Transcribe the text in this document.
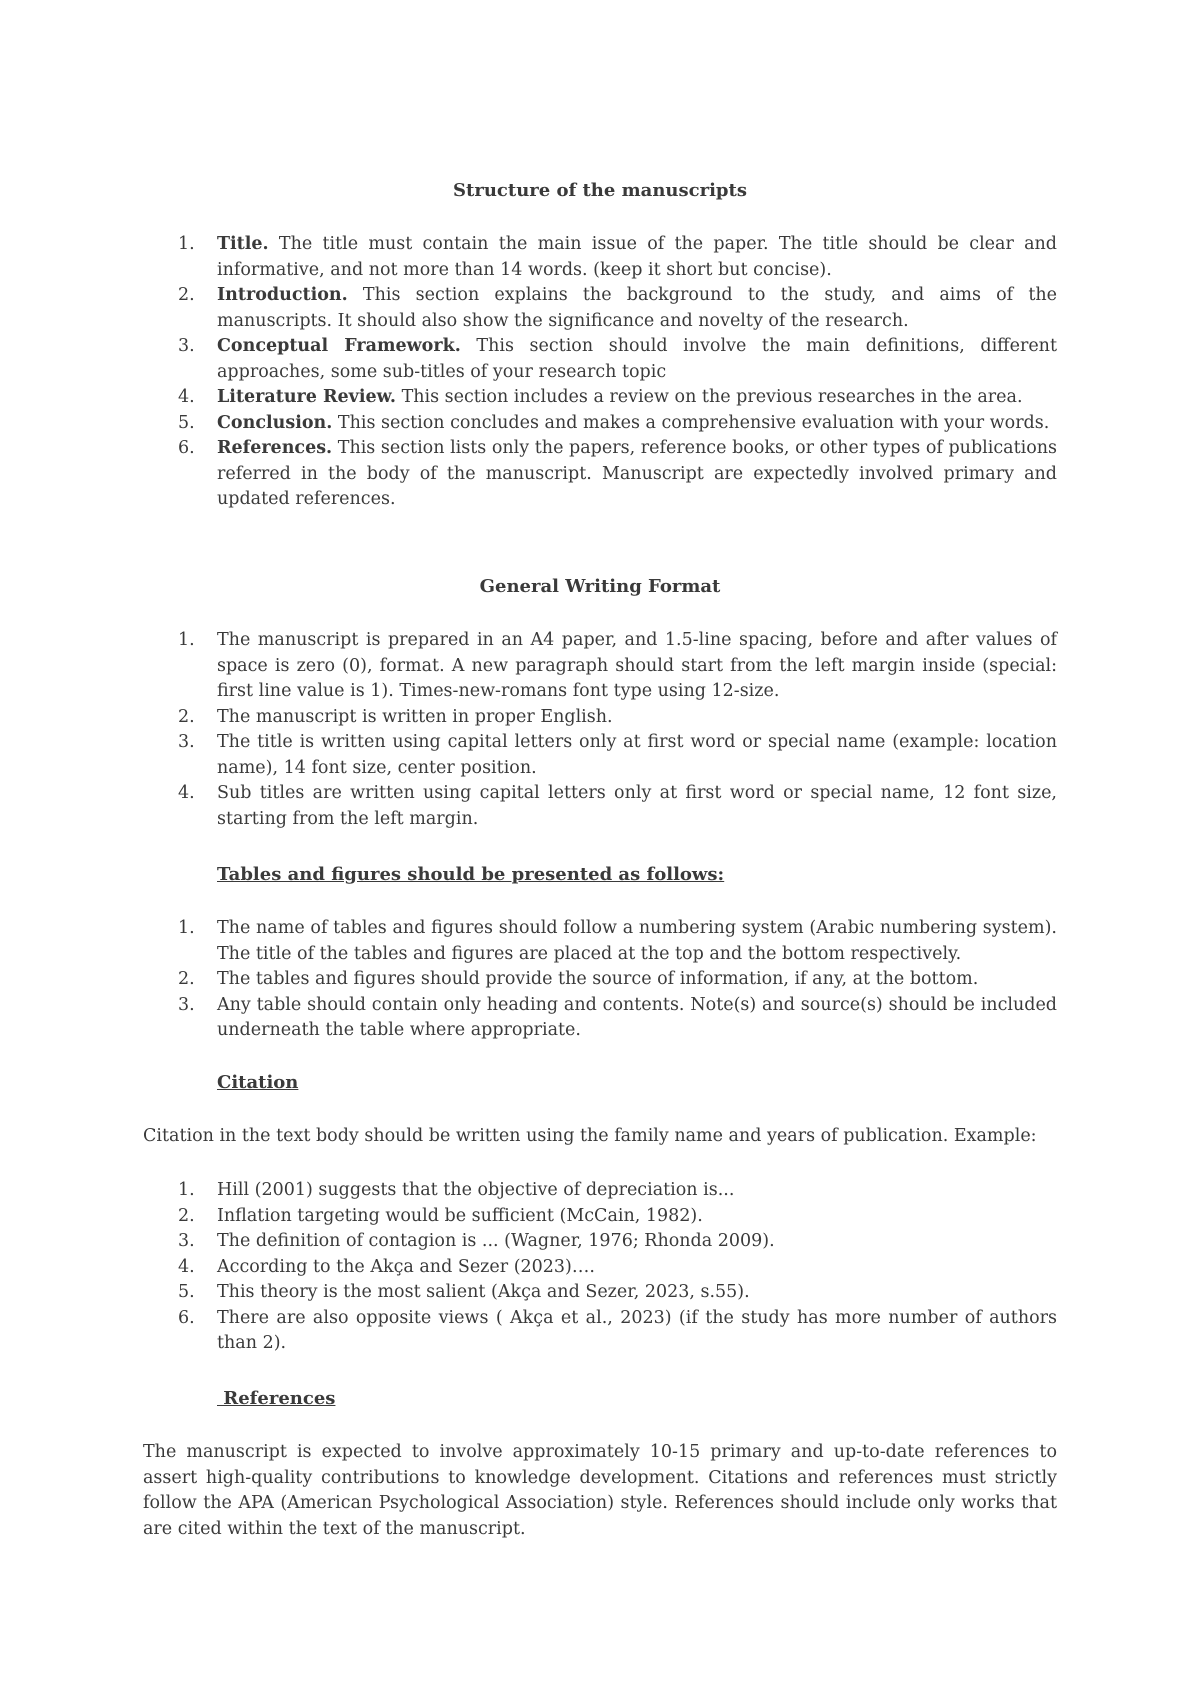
Structure of the manuscripts
1. Title. The title must contain the main issue of the paper. The title should be clear and informative, and not more than 14 words. (keep it short but concise).
2. Introduction. This section explains the background to the study, and aims of the manuscripts. It should also show the significance and novelty of the research.
3. Conceptual Framework. This section should involve the main definitions, different approaches, some sub-titles of your research topic
4. Literature Review. This section includes a review on the previous researches in the area.
5. Conclusion. This section concludes and makes a comprehensive evaluation with your words.
6. References. This section lists only the papers, reference books, or other types of publications referred in the body of the manuscript. Manuscript are expectedly involved primary and updated references.
General Writing Format
1. The manuscript is prepared in an A4 paper, and 1.5-line spacing, before and after values of space is zero (0), format. A new paragraph should start from the left margin inside (special: first line value is 1). Times-new-romans font type using 12-size.
2. The manuscript is written in proper English.
3. The title is written using capital letters only at first word or special name (example: location name), 14 font size, center position.
4. Sub titles are written using capital letters only at first word or special name, 12 font size, starting from the left margin.
Tables and figures should be presented as follows:
1. The name of tables and figures should follow a numbering system (Arabic numbering system). The title of the tables and figures are placed at the top and the bottom respectively.
2. The tables and figures should provide the source of information, if any, at the bottom.
3. Any table should contain only heading and contents. Note(s) and source(s) should be included underneath the table where appropriate.
Citation
Citation in the text body should be written using the family name and years of publication. Example:
1. Hill (2001) suggests that the objective of depreciation is...
2. Inflation targeting would be sufficient (McCain, 1982).
3. The definition of contagion is ... (Wagner, 1976; Rhonda 2009).
4. According to the Akça and Sezer (2023)….
5. This theory is the most salient (Akça and Sezer, 2023, s.55).
6. There are also opposite views ( Akça et al., 2023) (if the study has more number of authors than 2).
References
The manuscript is expected to involve approximately 10-15 primary and up-to-date references to assert high-quality contributions to knowledge development. Citations and references must strictly follow the APA (American Psychological Association) style. References should include only works that are cited within the text of the manuscript.
